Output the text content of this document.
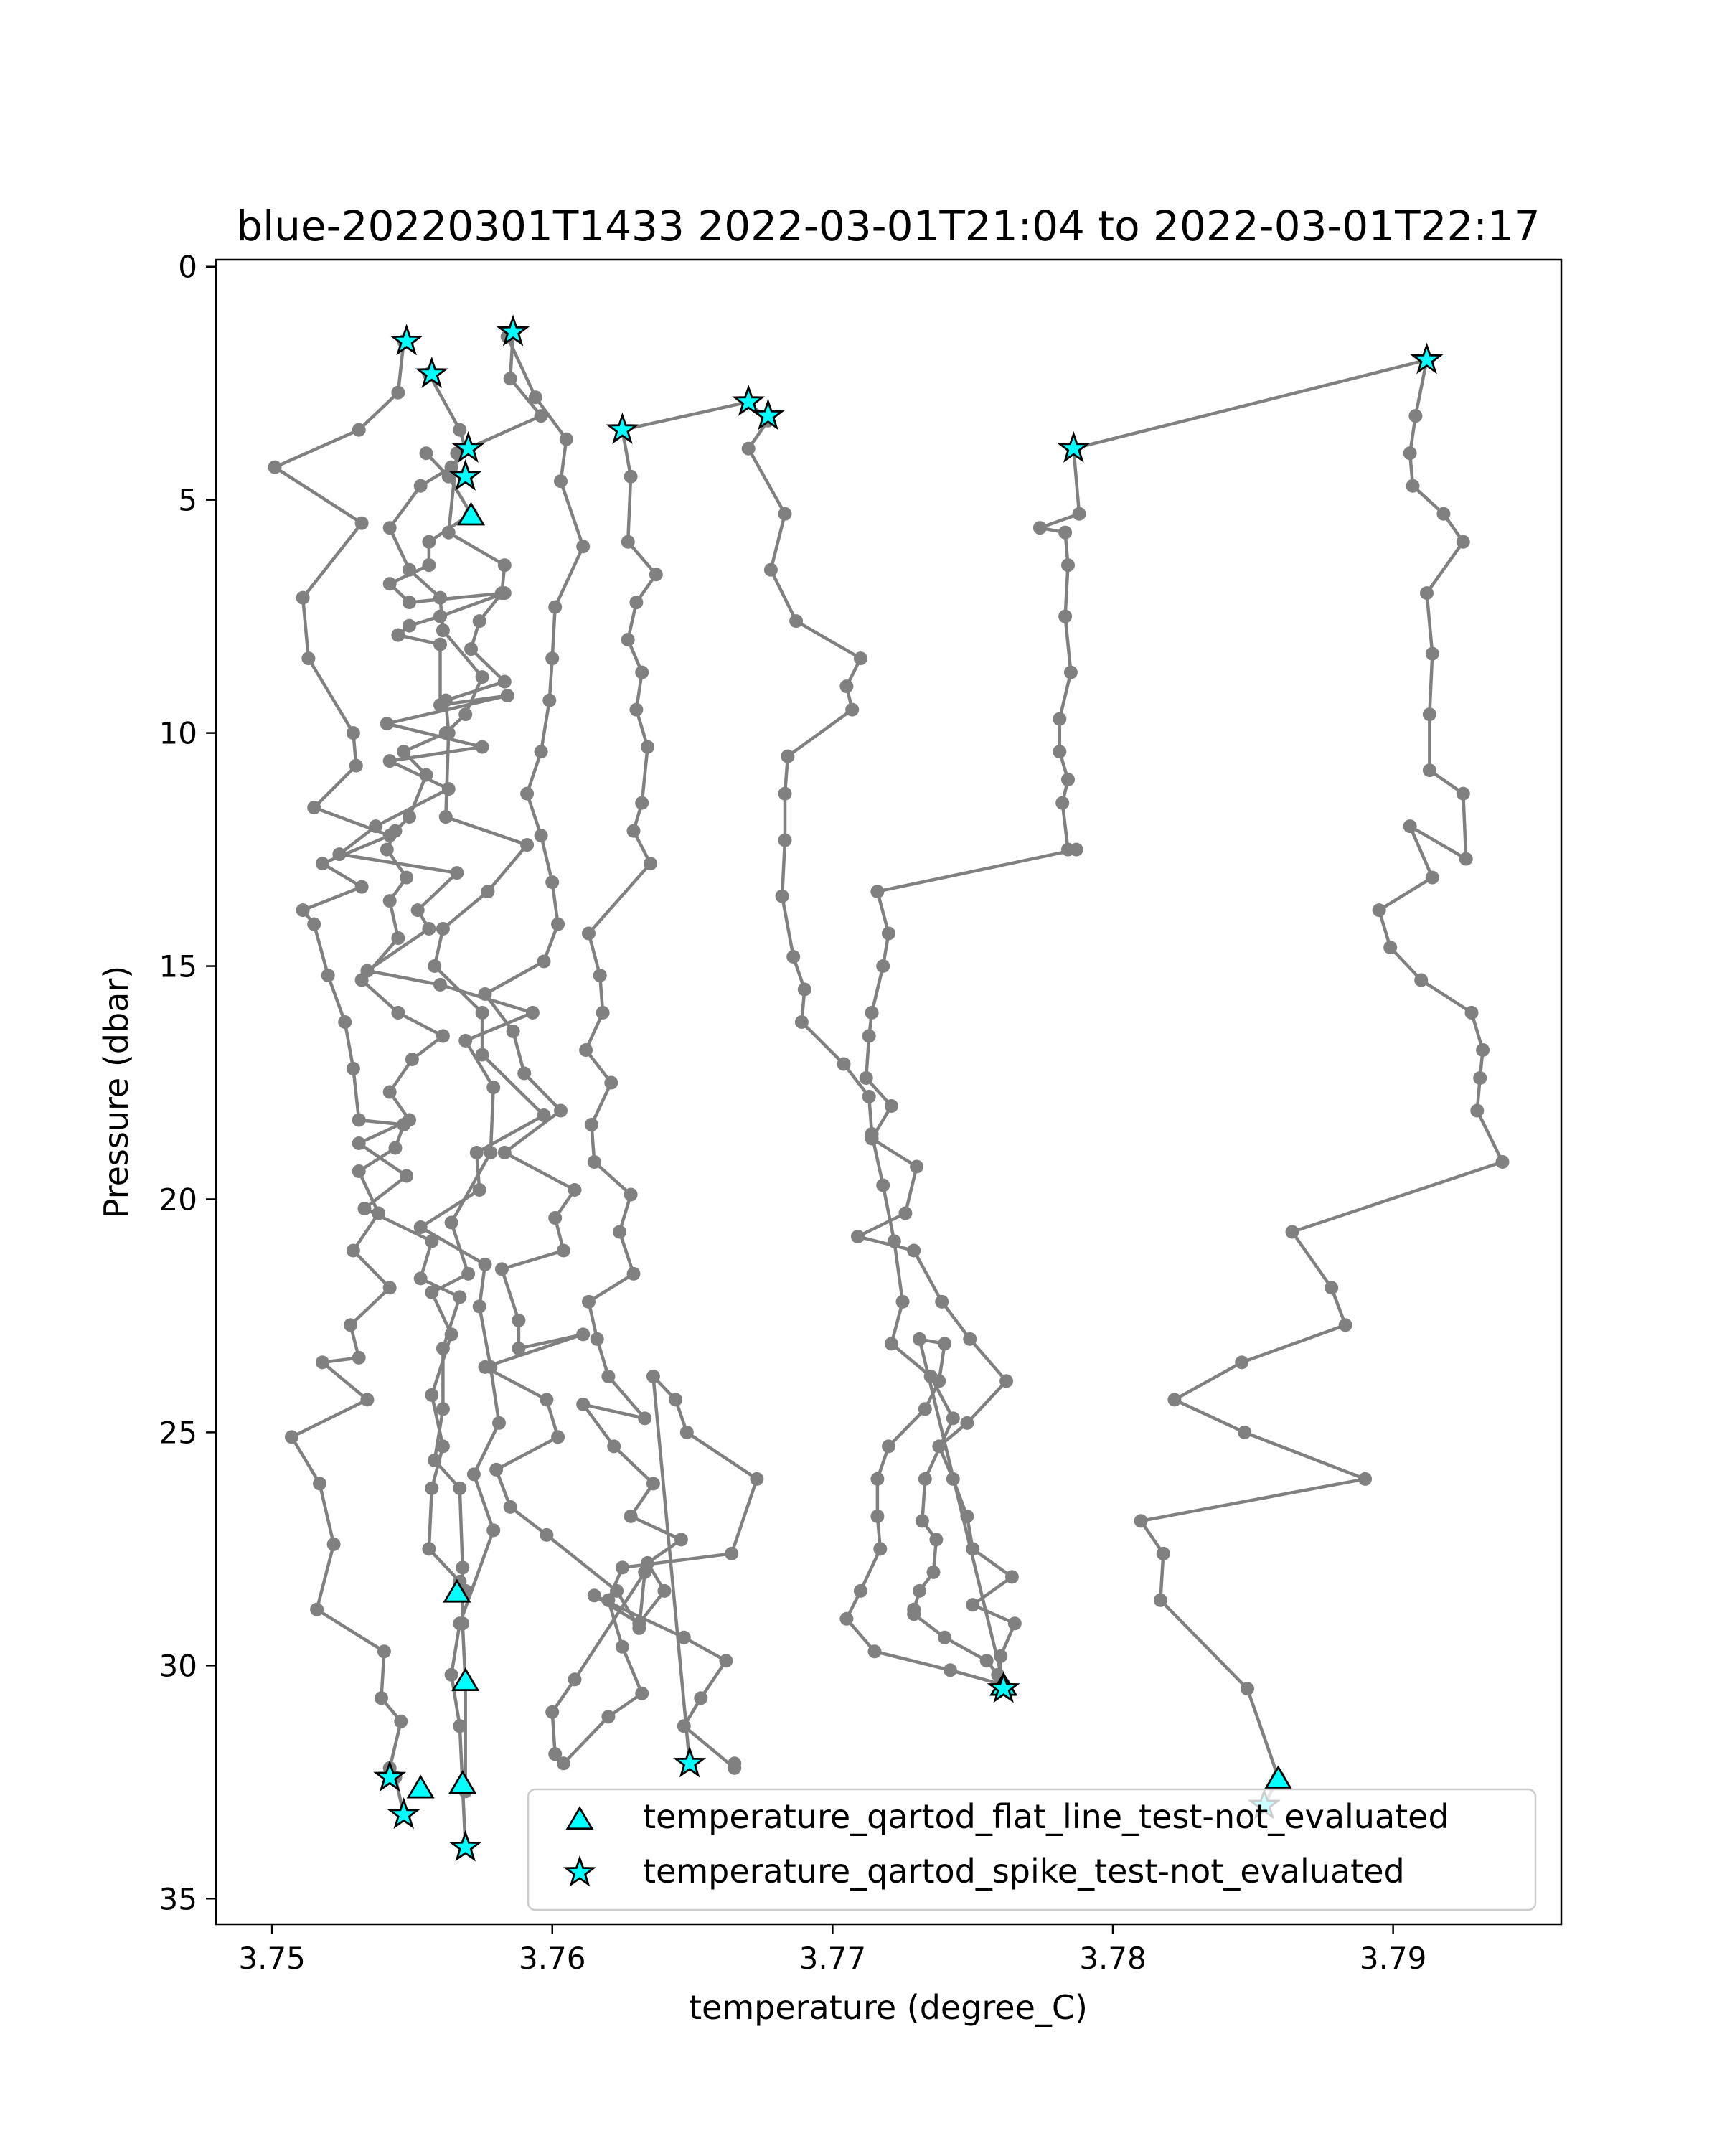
blue-20220301T1433 2022-03-01T21:04 to 2022-03-01T22:17
3.75	3.76	3.77	3.78	3.79
0
5
10
15
20
25
30
35
temperature (degree_C)
Pressure (dbar)
temperature_qartod_flat_line_test-not_evaluated
temperature_qartod_spike_test-not_evaluated
